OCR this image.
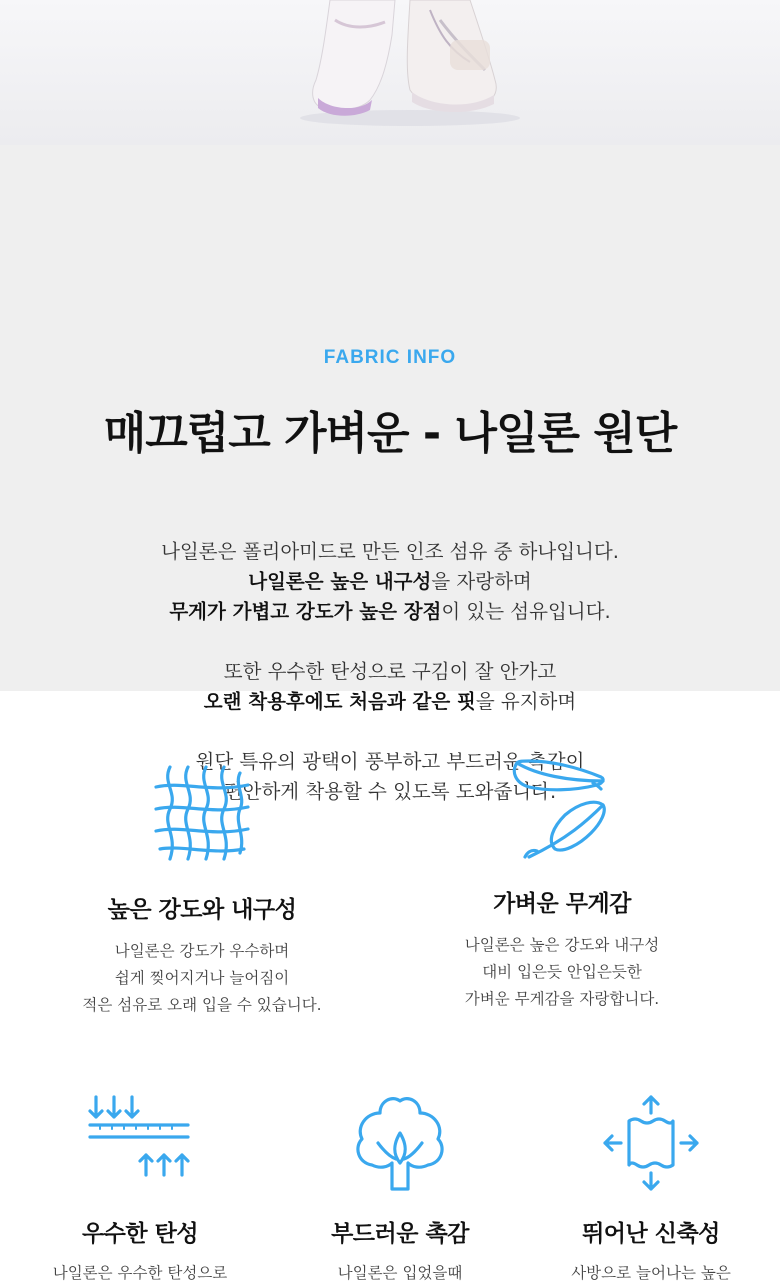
FABRIC INFO
매끄럽고 가벼운 - 나일론 원단

나일론은 폴리아미드로 만든 인조 섬유 중 하나입니다.
나일론은 높은 내구성을 자랑하며
무게가 가볍고 강도가 높은 장점이 있는 섬유입니다.

또한 우수한 탄성으로 구김이 잘 안가고
오랜 착용후에도 처음과 같은 핏을 유지하며

원단 특유의 광택이 풍부하고 부드러운 촉감이
편안하게 착용할 수 있도록 도와줍니다.

높은 강도와 내구성
나일론은 강도가 우수하며
쉽게 찢어지거나 늘어짐이
적은 섬유로 오래 입을 수 있습니다.
가벼운 무게감
나일론은 높은 강도와 내구성
대비 입은듯 안입은듯한
가벼운 무게감을 자랑합니다.
우수한 탄성
나일론은 우수한 탄성으로
부드러운 촉감
나일론은 입었을때
뛰어난 신축성
사방으로 늘어나는 높은
